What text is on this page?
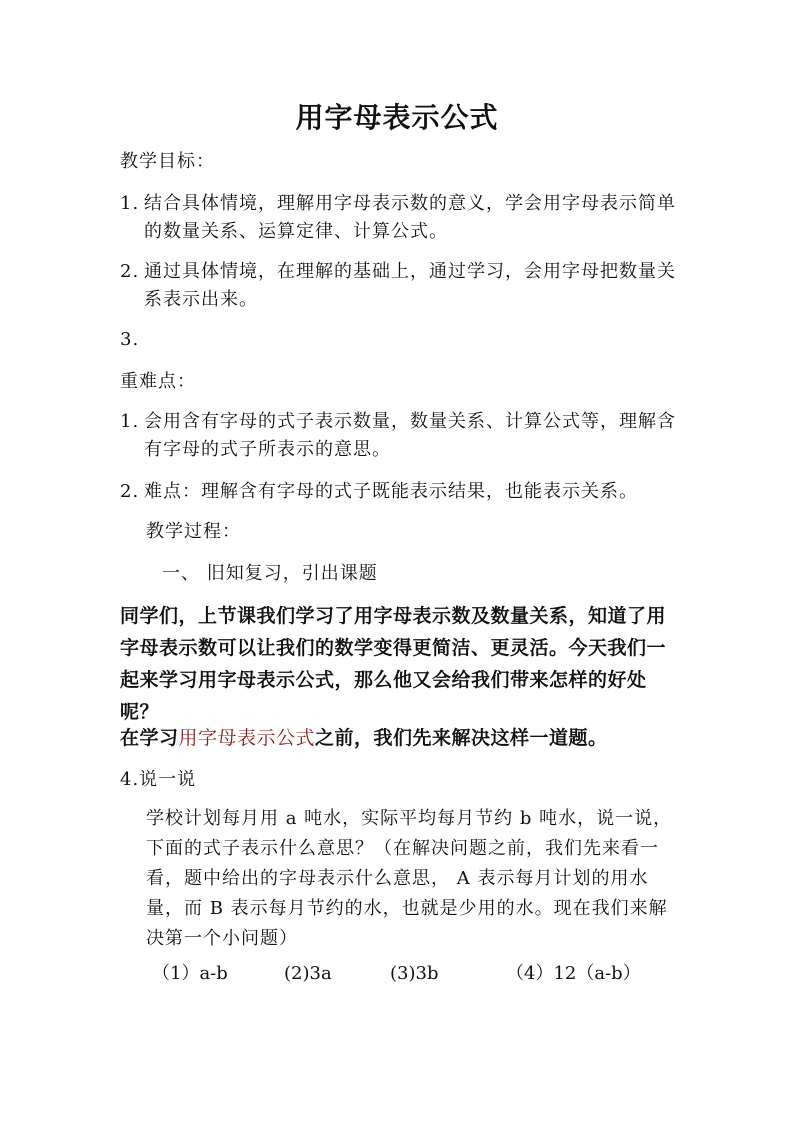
用字母表示公式
教学目标：
1. 结合具体情境，理解用字母表示数的意义，学会用字母表示简单的数量关系、运算定律、计算公式。
2. 通过具体情境，在理解的基础上，通过学习，会用字母把数量关系表示出来。
3.
重难点：
1. 会用含有字母的式子表示数量，数量关系、计算公式等，理解含有字母的式子所表示的意思。
2. 难点：理解含有字母的式子既能表示结果，也能表示关系。
教学过程：
一、 旧知复习，引出课题
同学们，上节课我们学习了用字母表示数及数量关系，知道了用字母表示数可以让我们的数学变得更简洁、更灵活。今天我们一起来学习用字母表示公式，那么他又会给我们带来怎样的好处呢？
在学习用字母表示公式之前，我们先来解决这样一道题。
4.说一说
学校计划每月用 a 吨水，实际平均每月节约 b 吨水，说一说，下面的式子表示什么意思？（在解决问题之前，我们先来看一看，题中给出的字母表示什么意思， A 表示每月计划的用水量，而 B 表示每月节约的水，也就是少用的水。现在我们来解决第一个小问题）
（1）a-b	(2)3a	(3)3b	（4）12（a-b）
